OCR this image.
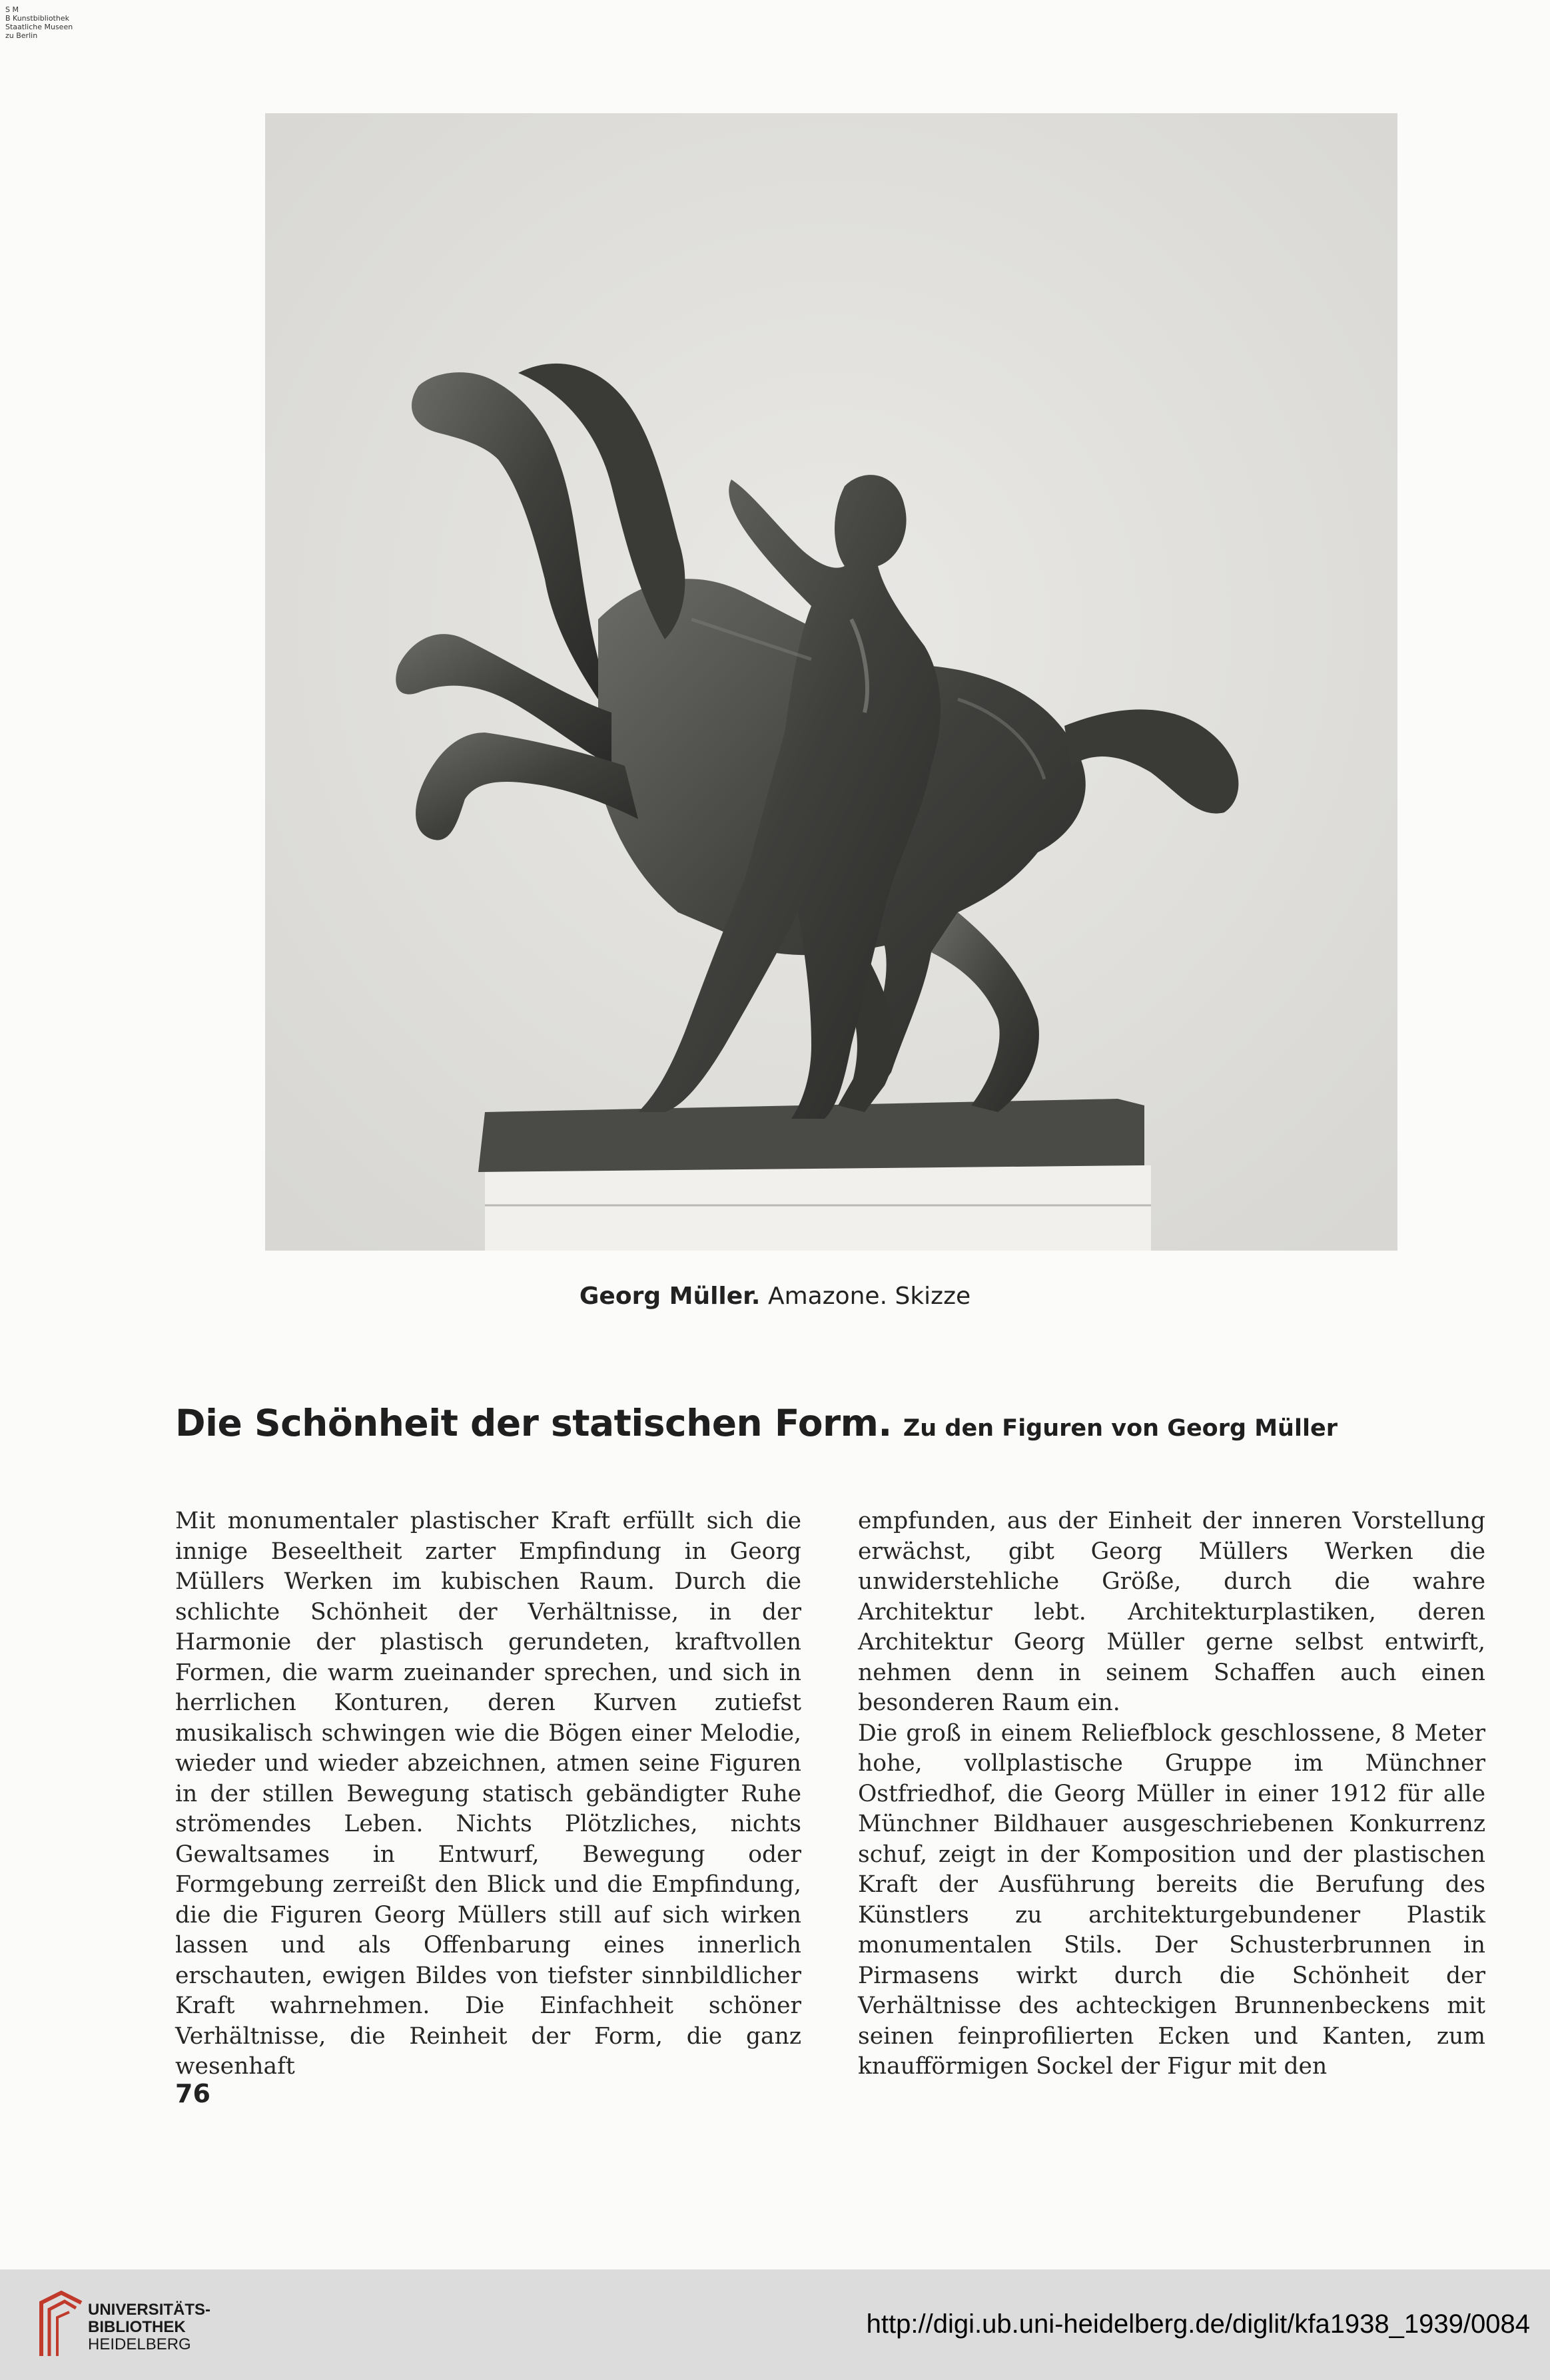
S M
B Kunstbibliothek
Staatliche Museen
zu Berlin
Georg Müller. Amazone. Skizze
Die Schönheit der statischen Form. Zu den Figuren von Georg Müller

Mit monumentaler plastischer Kraft erfüllt sich die innige Beseeltheit zarter Empfindung in Georg Müllers Werken im kubischen Raum. Durch die schlichte Schönheit der Verhältnisse, in der Harmonie der plastisch gerundeten, kraftvollen Formen, die warm zueinander sprechen, und sich in herrlichen Konturen, deren Kurven zutiefst musikalisch schwingen wie die Bögen einer Melodie, wieder und wieder abzeichnen, atmen seine Figuren in der stillen Bewegung statisch gebändigter Ruhe strömendes Leben. Nichts Plötzliches, nichts Gewaltsames in Entwurf, Bewegung oder Formgebung zerreißt den Blick und die Empfindung, die die Figuren Georg Müllers still auf sich wirken lassen und als Offenbarung eines innerlich erschauten, ewigen Bildes von tiefster sinnbildlicher Kraft wahrnehmen. Die Einfachheit schöner Verhältnisse, die Reinheit der Form, die ganz wesenhaft

empfunden, aus der Einheit der inneren Vorstellung erwächst, gibt Georg Müllers Werken die unwiderstehliche Größe, durch die wahre Architektur lebt. Architekturplastiken, deren Architektur Georg Müller gerne selbst entwirft, nehmen denn in seinem Schaffen auch einen besonderen Raum ein.

Die groß in einem Reliefblock geschlossene, 8 Meter hohe, vollplastische Gruppe im Münchner Ostfriedhof, die Georg Müller in einer 1912 für alle Münchner Bildhauer ausgeschriebenen Konkurrenz schuf, zeigt in der Komposition und der plastischen Kraft der Ausführung bereits die Berufung des Künstlers zu architekturgebundener Plastik monumentalen Stils. Der Schusterbrunnen in Pirmasens wirkt durch die Schönheit der Verhältnisse des achteckigen Brunnenbeckens mit seinen feinprofilierten Ecken und Kanten, zum knaufförmigen Sockel der Figur mit den

76
UNIVERSITÄTS-
BIBLIOTHEK
HEIDELBERG
http://digi.ub.uni-heidelberg.de/diglit/kfa1938_1939/0084
